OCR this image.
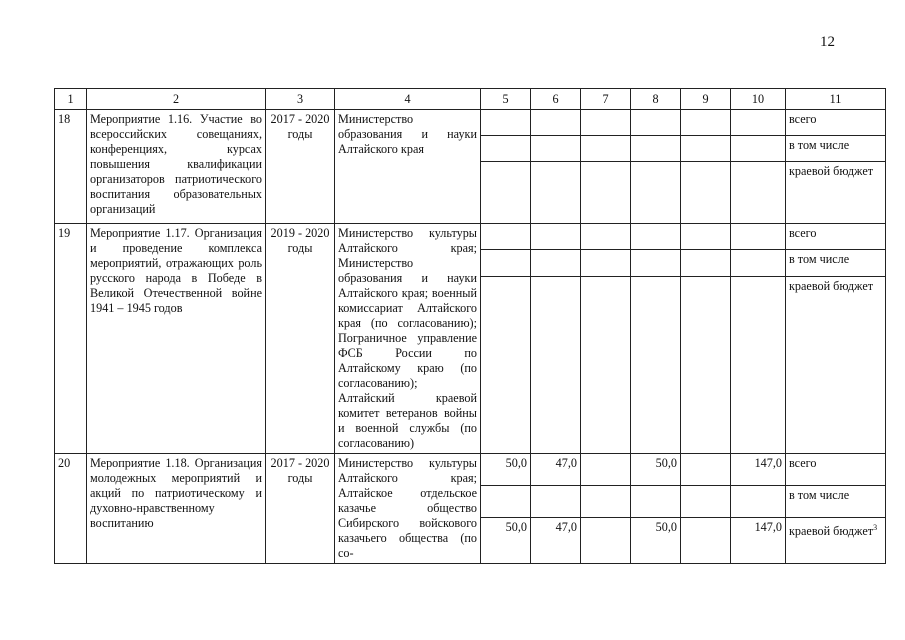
12
1	2	3	4	5	6	7	8	9	10	11
18	Мероприятие 1.16. Участие во всероссийских совещаниях, конференциях, курсах повышения квалификации организаторов патриотического воспитания образовательных организаций	2017 - 2020 годы	Министерство образования и науки Алтайского края							всего
										в том числе
										краевой бюджет
19	Мероприятие 1.17. Организация и проведение комплекса мероприятий, отражающих роль русского народа в Победе в Великой Отечественной войне 1941 – 1945 годов	2019 - 2020 годы	Министерство культуры Алтайского края; Министерство образования и науки Алтайского края; военный комиссариат Алтайского края (по согласованию); Пограничное управление ФСБ России по Алтайскому краю (по согласованию); Алтайский краевой комитет ветеранов войны и военной службы (по согласованию)							всего
										в том числе
										краевой бюджет
20	Мероприятие 1.18. Организация молодежных мероприятий и акций по патриотическому и духовно-нравственному воспитанию	2017 - 2020 годы	Министерство культуры Алтайского края; Алтайское отдельское казачье общество Сибирского войскового казачьего общества (по со-	50,0	47,0		50,0		147,0	всего
										в том числе
				50,0	47,0		50,0		147,0	краевой бюджет$^3$
